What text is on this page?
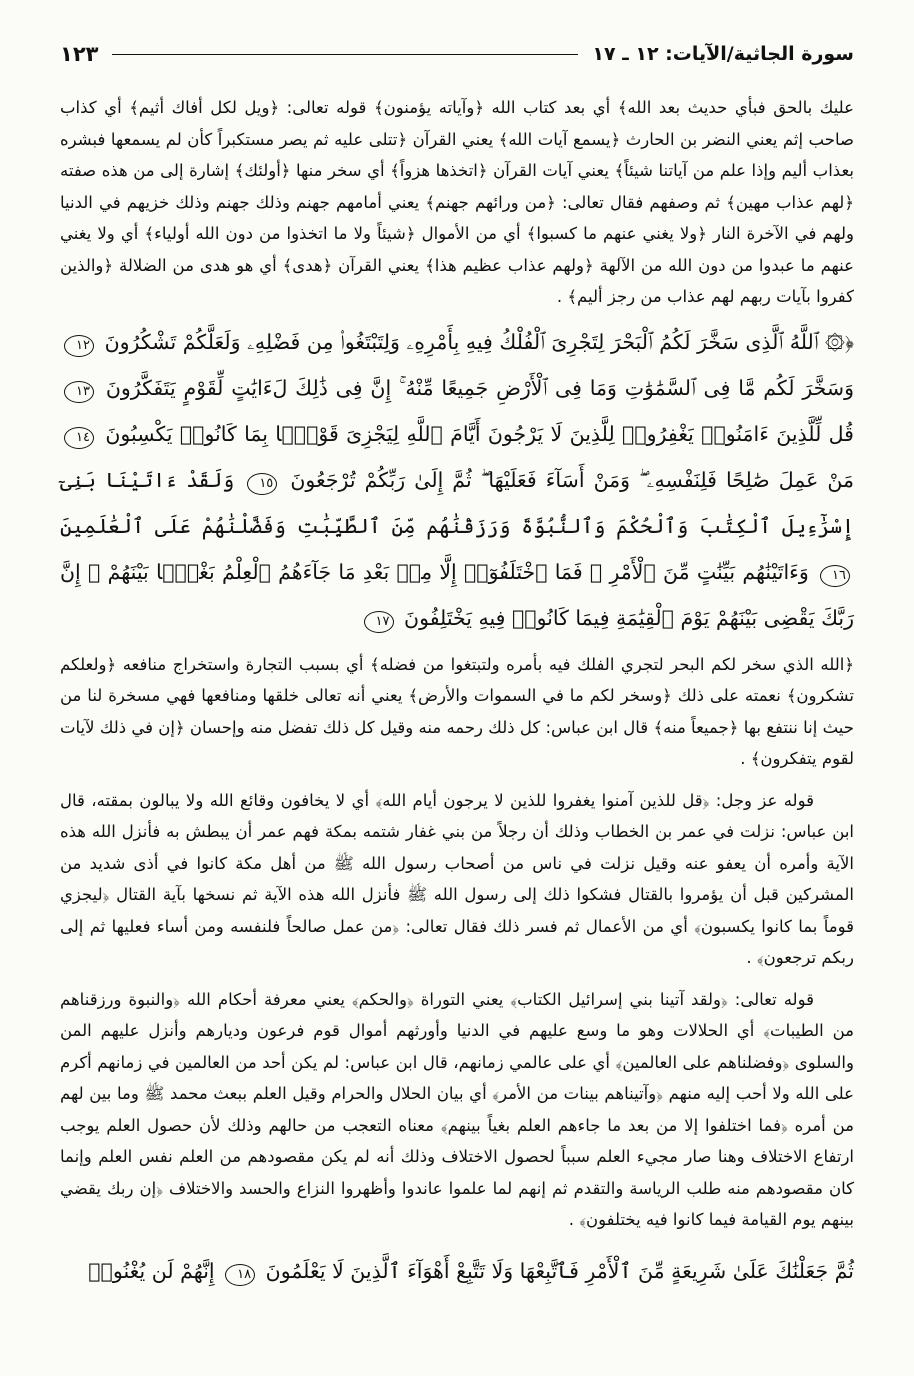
سورة الجاثية/الآيات: ١٢ ـ ١٧
١٢٣

عليك بالحق فبأي حديث بعد الله﴾ أي بعد كتاب الله ﴿وآياته يؤمنون﴾ قوله تعالى: ﴿ويل لكل أفاك أثيم﴾ أي كذاب صاحب إثم يعني النضر بن الحارث ﴿يسمع آيات الله﴾ يعني القرآن ﴿تتلى عليه ثم يصر مستكبراً كأن لم يسمعها فبشره بعذاب أليم وإذا علم من آياتنا شيئاً﴾ يعني آيات القرآن ﴿اتخذها هزواً﴾ أي سخر منها ﴿أولئك﴾ إشارة إلى من هذه صفته ﴿لهم عذاب مهين﴾ ثم وصفهم فقال تعالى: ﴿من ورائهم جهنم﴾ يعني أمامهم جهنم وذلك جهنم وذلك خزيهم في الدنيا ولهم في الآخرة النار ﴿ولا يغني عنهم ما كسبوا﴾ أي من الأموال ﴿شيئاً ولا ما اتخذوا من دون الله أولياء﴾ أي ولا يغني عنهم ما عبدوا من دون الله من الآلهة ﴿ولهم عذاب عظيم هذا﴾ يعني القرآن ﴿هدى﴾ أي هو هدى من الضلالة ﴿والذين كفروا بآيات ربهم لهم عذاب من رجز أليم﴾ .

﴿۞ ٱللَّهُ ٱلَّذِى سَخَّرَ لَكُمُ ٱلْبَحْرَ لِتَجْرِىَ ٱلْفُلْكُ فِيهِ بِأَمْرِهِۦ وَلِتَبْتَغُوا۟ مِن فَضْلِهِۦ وَلَعَلَّكُمْ تَشْكُرُونَ ١٢ وَسَخَّرَ لَكُم مَّا فِى ٱلسَّمَٰوَٰتِ وَمَا فِى ٱلْأَرْضِ جَمِيعًا مِّنْهُ ۚ إِنَّ فِى ذَٰلِكَ لَءَايَٰتٍ لِّقَوْمٍ يَتَفَكَّرُونَ ١٣ قُل لِّلَّذِينَ ءَامَنُوا۟ يَغْفِرُوا۟ لِلَّذِينَ لَا يَرْجُونَ أَيَّامَ ٱللَّهِ لِيَجْزِىَ قَوْمًۢا بِمَا كَانُوا۟ يَكْسِبُونَ ١٤ مَنْ عَمِلَ صَٰلِحًا فَلِنَفْسِهِۦ ۖ وَمَنْ أَسَآءَ فَعَلَيْهَا ۖ ثُمَّ إِلَىٰ رَبِّكُمْ تُرْجَعُونَ ١٥ وَلَقَدْ ءَاتَيْنَا بَنِىٓ إِسْرَٰٓءِيلَ ٱلْكِتَٰبَ وَٱلْحُكْمَ وَٱلنُّبُوَّةَ وَرَزَقْنَٰهُم مِّنَ ٱلطَّيِّبَٰتِ وَفَضَّلْنَٰهُمْ عَلَى ٱلْعَٰلَمِينَ ١٦ وَءَاتَيْنَٰهُم بَيِّنَٰتٍ مِّنَ ٱلْأَمْرِ ۖ فَمَا ٱخْتَلَفُوٓا۟ إِلَّا مِنۢ بَعْدِ مَا جَآءَهُمُ ٱلْعِلْمُ بَغْيًۢا بَيْنَهُمْ ۚ إِنَّ رَبَّكَ يَقْضِى بَيْنَهُمْ يَوْمَ ٱلْقِيَٰمَةِ فِيمَا كَانُوا۟ فِيهِ يَخْتَلِفُونَ ١٧

﴿الله الذي سخر لكم البحر لتجري الفلك فيه بأمره ولتبتغوا من فضله﴾ أي بسبب التجارة واستخراج منافعه ﴿ولعلكم تشكرون﴾ نعمته على ذلك ﴿وسخر لكم ما في السموات والأرض﴾ يعني أنه تعالى خلقها ومنافعها فهي مسخرة لنا من حيث إنا ننتفع بها ﴿جميعاً منه﴾ قال ابن عباس: كل ذلك رحمه منه وقيل كل ذلك تفضل منه وإحسان ﴿إن في ذلك لآيات لقوم يتفكرون﴾ .

قوله عز وجل: ﴿قل للذين آمنوا يغفروا للذين لا يرجون أيام الله﴾ أي لا يخافون وقائع الله ولا يبالون بمقته، قال ابن عباس: نزلت في عمر بن الخطاب وذلك أن رجلاً من بني غفار شتمه بمكة فهم عمر أن يبطش به فأنزل الله هذه الآية وأمره أن يعفو عنه وقيل نزلت في ناس من أصحاب رسول الله ﷺ من أهل مكة كانوا في أذى شديد من المشركين قبل أن يؤمروا بالقتال فشكوا ذلك إلى رسول الله ﷺ فأنزل الله هذه الآية ثم نسخها بآية القتال ﴿ليجزي قوماً بما كانوا يكسبون﴾ أي من الأعمال ثم فسر ذلك فقال تعالى: ﴿من عمل صالحاً فلنفسه ومن أساء فعليها ثم إلى ربكم ترجعون﴾ .

قوله تعالى: ﴿ولقد آتينا بني إسرائيل الكتاب﴾ يعني التوراة ﴿والحكم﴾ يعني معرفة أحكام الله ﴿والنبوة ورزقناهم من الطيبات﴾ أي الحلالات وهو ما وسع عليهم في الدنيا وأورثهم أموال قوم فرعون وديارهم وأنزل عليهم المن والسلوى ﴿وفضلناهم على العالمين﴾ أي على عالمي زمانهم، قال ابن عباس: لم يكن أحد من العالمين في زمانهم أكرم على الله ولا أحب إليه منهم ﴿وآتيناهم بينات من الأمر﴾ أي بيان الحلال والحرام وقيل العلم ببعث محمد ﷺ وما بين لهم من أمره ﴿فما اختلفوا إلا من بعد ما جاءهم العلم بغياً بينهم﴾ معناه التعجب من حالهم وذلك لأن حصول العلم يوجب ارتفاع الاختلاف وهنا صار مجيء العلم سبباً لحصول الاختلاف وذلك أنه لم يكن مقصودهم من العلم نفس العلم وإنما كان مقصودهم منه طلب الرياسة والتقدم ثم إنهم لما علموا عاندوا وأظهروا النزاع والحسد والاختلاف ﴿إن ربك يقضي بينهم يوم القيامة فيما كانوا فيه يختلفون﴾ .

ثُمَّ جَعَلْنَٰكَ عَلَىٰ شَرِيعَةٍ مِّنَ ٱلْأَمْرِ فَٱتَّبِعْهَا وَلَا تَتَّبِعْ أَهْوَآءَ ٱلَّذِينَ لَا يَعْلَمُونَ ١٨ إِنَّهُمْ لَن يُغْنُوا۟
